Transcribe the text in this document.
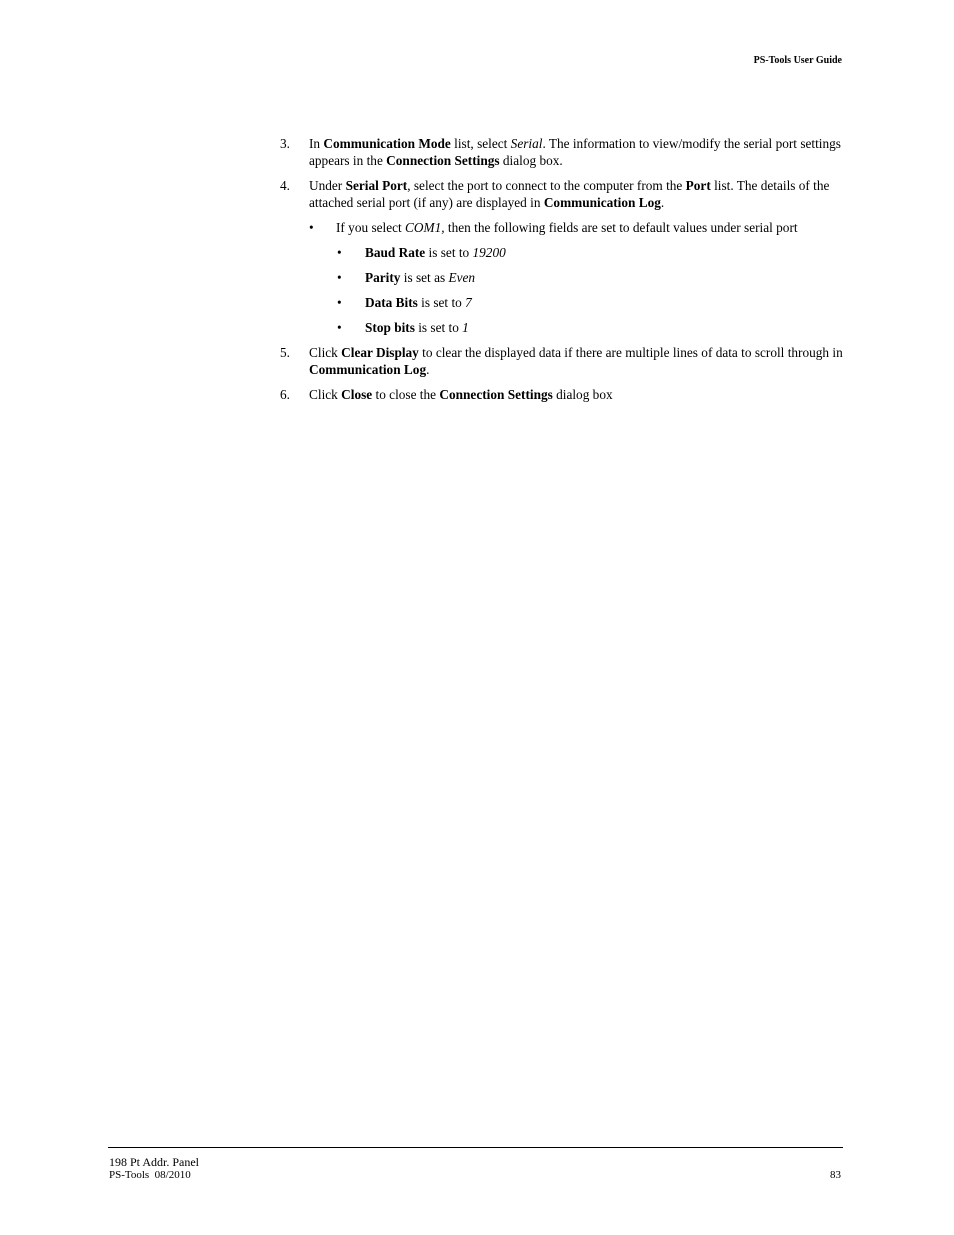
PS-Tools User Guide
3. In Communication Mode list, select Serial. The information to view/modify the serial port settings appears in the Connection Settings dialog box.
4. Under Serial Port, select the port to connect to the computer from the Port list. The details of the attached serial port (if any) are displayed in Communication Log.
• If you select COM1, then the following fields are set to default values under serial port
• Baud Rate is set to 19200
• Parity is set as Even
• Data Bits is set to 7
• Stop bits is set to 1
5. Click Clear Display to clear the displayed data if there are multiple lines of data to scroll through in Communication Log.
6. Click Close to close the Connection Settings dialog box
198 Pt Addr. Panel
PS-Tools  08/2010	83
